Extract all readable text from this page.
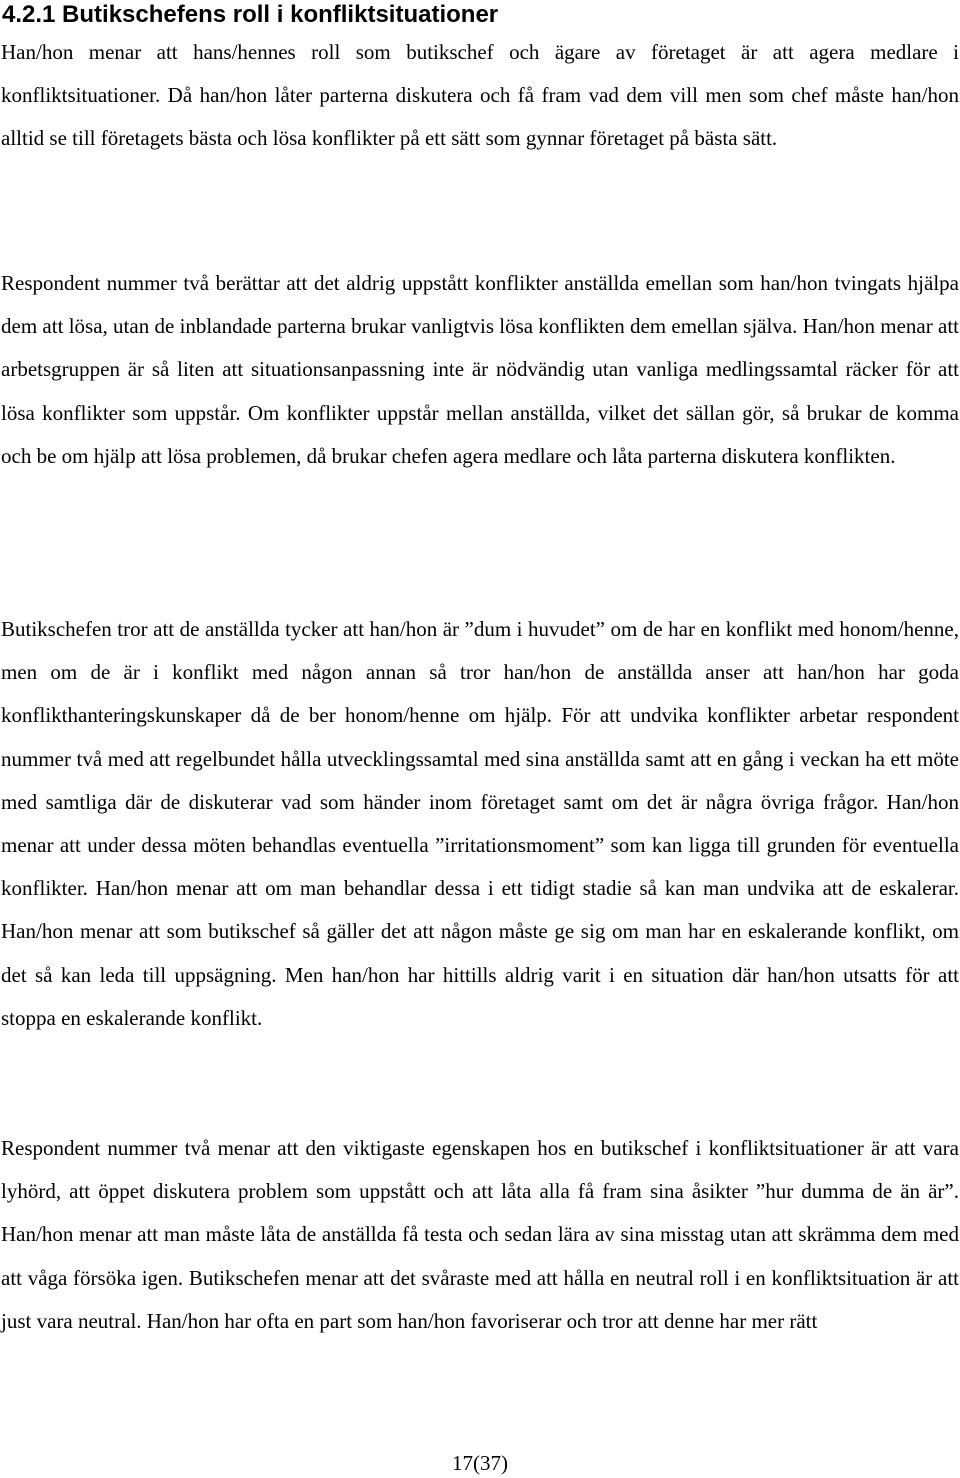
4.2.1 Butikschefens roll i konfliktsituationer

Han/hon menar att hans/hennes roll som butikschef och ägare av företaget är att agera medlare i konfliktsituationer. Då han/hon låter parterna diskutera och få fram vad dem vill men som chef måste han/hon alltid se till företagets bästa och lösa konflikter på ett sätt som gynnar företaget på bästa sätt.

Respondent nummer två berättar att det aldrig uppstått konflikter anställda emellan som han/hon tvingats hjälpa dem att lösa, utan de inblandade parterna brukar vanligtvis lösa konflikten dem emellan själva. Han/hon menar att arbetsgruppen är så liten att situationsanpassning inte är nödvändig utan vanliga medlingssamtal räcker för att lösa konflikter som uppstår. Om konflikter uppstår mellan anställda, vilket det sällan gör, så brukar de komma och be om hjälp att lösa problemen, då brukar chefen agera medlare och låta parterna diskutera konflikten.

Butikschefen tror att de anställda tycker att han/hon är ”dum i huvudet” om de har en konflikt med honom/henne, men om de är i konflikt med någon annan så tror han/hon de anställda anser att han/hon har goda konflikthanteringskunskaper då de ber honom/henne om hjälp. För att undvika konflikter arbetar respondent nummer två med att regelbundet hålla utvecklingssamtal med sina anställda samt att en gång i veckan ha ett möte med samtliga där de diskuterar vad som händer inom företaget samt om det är några övriga frågor. Han/hon menar att under dessa möten behandlas eventuella ”irritationsmoment” som kan ligga till grunden för eventuella konflikter. Han/hon menar att om man behandlar dessa i ett tidigt stadie så kan man undvika att de eskalerar. Han/hon menar att som butikschef så gäller det att någon måste ge sig om man har en eskalerande konflikt, om det så kan leda till uppsägning. Men han/hon har hittills aldrig varit i en situation där han/hon utsatts för att stoppa en eskalerande konflikt.

Respondent nummer två menar att den viktigaste egenskapen hos en butikschef i konfliktsituationer är att vara lyhörd, att öppet diskutera problem som uppstått och att låta alla få fram sina åsikter ”hur dumma de än är”. Han/hon menar att man måste låta de anställda få testa och sedan lära av sina misstag utan att skrämma dem med att våga försöka igen. Butikschefen menar att det svåraste med att hålla en neutral roll i en konfliktsituation är att just vara neutral. Han/hon har ofta en part som han/hon favoriserar och tror att denne har mer rätt

17(37)
